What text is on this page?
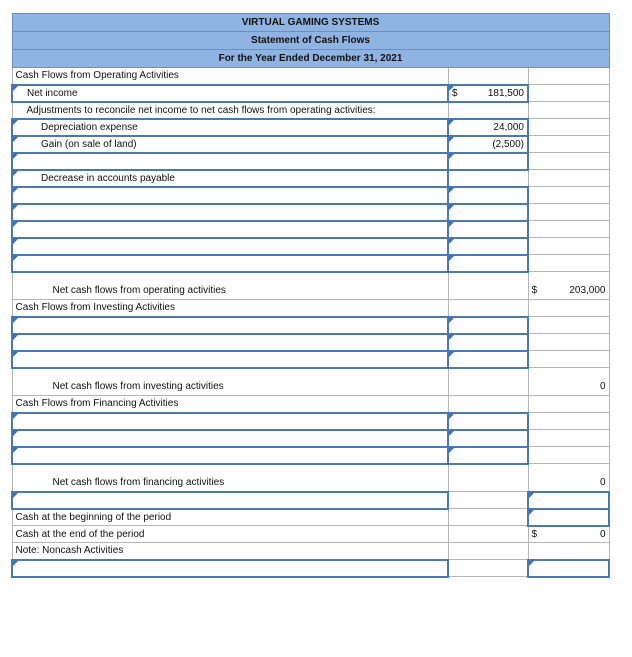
VIRTUAL GAMING SYSTEMS		
Statement of Cash Flows		
For the Year Ended December 31, 2021		
Cash Flows from Operating Activities		
Net income	$ 181,500	

Adjustments to reconcile net income to net cash flows from operating activities:		
Depreciation expense	24,000	
Gain (on sale of land)	(2,500)	

Decrease in accounts payable		

Net cash flows from operating activities		$ 203,000

Cash Flows from Investing Activities		

Net cash flows from investing activities		0
Cash Flows from Financing Activities		

Net cash flows from financing activities		0

Cash at the beginning of the period		
Cash at the end of the period		$ 0

Note: Noncash Activities		
